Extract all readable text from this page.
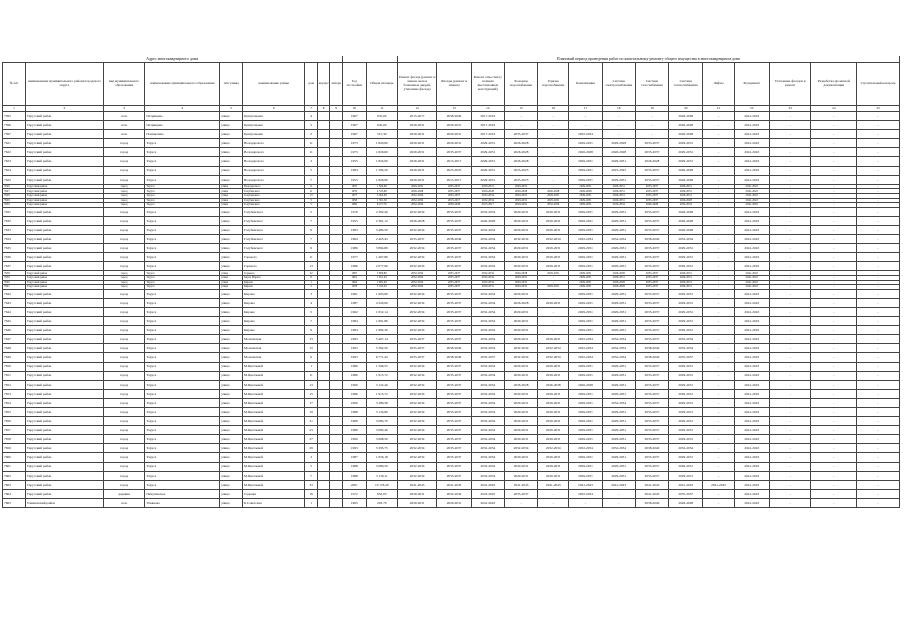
Адрес многоквартирного дома											Плановый период проведения работ по капитальному ремонту общего имущества в многоквартирном доме													
№ п/п	наименование муниципального района/городского округа	вид муниципального образования	наименование муниципального образования	тип улицы	наименование улицы	дом	корпус	литера	Год постройки	Общая площадь	Ремонт фасада (ремонт и замена окон и балконных дверей, утепление фасада)	Фасады (ремонт и замена)	Ремонт отмостки (с полным выставлением конструкций)	Холодное водоснабжение	Горячее водоснабжение	Канализация	Система электроснабжения	Система газоснабжения	Система теплоснабжения	Лифты	Фундамент	Утепление фасадов и ремонт	Разработка проектной документации	Строительный контроль
1	2	3	4	5	6	7	8	9	10	11	12	13	14	15	16	17	18	19	20	21	22	23	24	25
7595	Тарусский район	село	Петрищево	улица	Центральная	4			1967	635,00	2015-2017	2038-2040	2017-2019	-	-	-	-	-	2026-2028	-	2041-2043	-	-	-
7596	Тарусский район	село	Петрищево	улица	Центральная	5			1967	645,00	2029-2031	2029-2031	2017-2019	-	-	-	-	-	2026-2028	-	2041-2043	-	-	-
7597	Тарусский район	село	Похвиснево	улица	Центральная	2			1967	515,30	2029-2031	2029-2031	2017-2019	2035-2037	-	2032-2034	-	-	2026-2028	-	2041-2043	-	-	-
7621	Тарусский район	город	Таруса	улица	Володарского	11			1973	1 820,60	2029-2031	2029-2031	2029-2031	2026-2028	-	2029-2031	2026-2028	2035-2037	2029-2031	-	2041-2043	-	-	-
7622	Тарусский район	город	Таруса	улица	Володарского	11			1973	1 820,60	2029-2031	2035-2037	2029-2031	2026-2028	-	2026-2028	2026-2028	2035-2037	2029-2031	-	2041-2043	-	-	-
7623	Тарусский район	город	Таруса	улица	Володарского	3			1955	1 824,00	2029-2031	2015-2017	2029-2031	2026-2028	-	2029-2031	2029-2031	2026-2028	2029-2031	-	2041-2043	-	-	-
7624	Тарусский район	город	Таруса	улица	Володарского	5			1984	1 584,20	2029-2031	2023-2025	2029-2031	2023-2025	-	2029-2031	2023-2025	2035-2037	2026-2028	-	2041-2043	-	-	-
7625	Тарусский район	город	Таруса	улица	Володарского	7			1955	1 826,60	2029-2031	2015-2017	2029-2031	2023-2025	-	2029-2031	2029-2031	2035-2037	2026-2028	-	2041-2043	-	-	-
7626	Тарусский район	город	Таруса	улица	Володарского	9			1955	1 824,00	2029-2031	2035-2037	2029-2031	2029-2031	-	2029-2031	2029-2031	2035-2037	2029-2031	-	2041-2043	-	-	-
7627	Тарусский район	город	Таруса	улица	Голубевского	11			1976	2 335,60	2026-2028	2035-2037	2026-2028	2026-2028	2026-2028	2026-2028	2029-2031	2035-2037	2029-2031	-	2041-2043	-	-	-
7628	Тарусский район	город	Таруса	улица	Голубевского	13			1977	3 362,00	2032-2034	2035-2037	2032-2034	2029-2031	2029-2031	2029-2031	2029-2031	2035-2037	2029-2031	-	2041-2043	-	-	-
7629	Тарусский район	город	Таруса	улица	Голубевского	3			1958	1 301,30	2032-2034	2015-2017	2032-2034	2029-2031	2029-2031	2029-2031	2029-2031	2035-2037	2026-2028	-	2041-2043	-	-	-
7630	Тарусский район	город	Таруса	улица	Голубевского	5			1982	6 277,70	2032-2034	2038-2040	2015-2017	2029-2031	2032-2034	2029-2031	2032-2034	2026-2028	2032-2034	-	2041-2043	-	-	-
7631	Тарусский район	город	Таруса	улица	Голубевского	5			1976	2 392,40	2032-2034	2035-2037	2032-2034	2029-2031	2029-2031	2029-2031	2029-2031	2035-2037	2026-2028	-	2041-2043	-	-	-
7632	Тарусский район	город	Таруса	улица	Голубевского	7			1955	2 361,12	2026-2028	2035-2037	2026-2028	2029-2031	2029-2031	2029-2031	2029-2031	2035-2037	2026-2028	-	2041-2043	-	-	-
7633	Тарусский район	город	Таруса	улица	Голубевского	9			1983	3 484,50	2032-2034	2035-2037	2032-2034	2029-2031	2029-2031	2029-2031	2029-2031	2035-2037	2026-2028	-	2041-2043	-	-	-
7634	Тарусский район	город	Таруса	улица	Голубевского	7			1984	2 405,45	2035-2037	2038-2040	2032-2034	2032-2034	2032-2034	2032-2034	2032-2034	2038-2040	2032-2034	-	2041-2043	-	-	-
7635	Тарусский район	город	Таруса	улица	Голубевского	9			1986	3 894,80	2032-2034	2035-2037	2032-2034	2029-2031	2029-2031	2029-2031	2029-2031	2035-2037	2029-2031	-	2041-2043	-	-	-
7636	Тарусский район	город	Таруса	улица	Горького	11			1977	1 467,80	2032-2034	2035-2037	2032-2034	2029-2031	2029-2031	2029-2031	2029-2031	2035-2037	2029-2031	-	2041-2043	-	-	-
7637	Тарусский район	город	Таруса	улица	Горького	13			1986	2 077,90	2032-2034	2035-2037	2032-2034	2029-2031	2029-2031	2029-2031	2029-2031	2035-2037	2029-2031	-	2041-2043	-	-	-
7638	Тарусский район	город	Таруса	улица	Горького	22			1987	3 806,80	2032-2034	2035-2037	2032-2034	2026-2028	2029-2031	2029-2031	2026-2028	2035-2037	2029-2031	-	2041-2043	-	-	-
7639	Тарусский район	город	Таруса	улица	Карла Маркса	11			1961	1 651,63	2032-2034	2035-2037	2032-2034	2029-2031	-	2029-2031	2029-2031	2035-2037	2029-2031	-	2041-2043	-	-	-
7640	Тарусский район	город	Таруса	улица	Кирова	1			1962	1 981,40	2032-2034	2035-2037	2032-2034	2029-2031	-	2029-2031	2026-2028	2035-2037	2029-2031	-	2041-2043	-	-	-
7641	Тарусский район	город	Таруса	улица	Кирова	2			1978	3 345,03	2032-2034	2035-2037	2029-2031	2029-2031	2029-2031	2029-2031	2026-2028	2035-2037	2029-2031	-	2041-2043	-	-	-
7642	Тарусский район	город	Таруса	улица	Кирова	3			1961	1 663,60	2032-2034	2035-2037	2032-2034	2029-2031	-	2029-2031	2029-2031	2035-2037	2029-2031	-	2041-2043	-	-	-
7643	Тарусский район	город	Таруса	улица	Кирова	4			1987	4 520,00	2032-2034	2035-2037	2032-2034	2026-2028	2029-2031	2029-2031	2029-2031	2035-2037	2029-2031	-	2041-2043	-	-	-
7644	Тарусский район	город	Таруса	улица	Кирова	5			1962	1 652,14	2032-2034	2035-2037	2032-2034	2029-2031	-	2029-2031	2029-2031	2035-2037	2029-2031	-	2041-2043	-	-	-
7645	Тарусский район	город	Таруса	улица	Кирова	7			1984	1 691,86	2032-2034	2035-2037	2032-2034	2029-2031	-	2029-2031	2029-2031	2035-2037	2029-2031	-	2041-2043	-	-	-
7646	Тарусский район	город	Таруса	улица	Кирова	9			1984	1 982,30	2032-2034	2035-2037	2032-2034	2029-2031	-	2029-2031	2029-2031	2035-2037	2029-2031	-	2041-2043	-	-	-
7647	Тарусский район	город	Таруса	улица	Московская	13			1993	5 407,14	2035-2037	2035-2037	2032-2034	2029-2031	2029-2031	2032-2034	2032-2034	2035-2037	2032-2034	-	2041-2043	-	-	-
7648	Тарусский район	город	Таруса	улица	Московская	15			1993	5 362,50	2035-2037	2038-2040	2032-2034	2032-2034	2032-2034	2032-2034	2032-2034	2038-2040	2032-2034	-	2041-2043	-	-	-
7649	Тарусский район	город	Таруса	улица	Московская	9			1993	6 771,42	2035-2037	2038-2040	2035-2037	2032-2034	2032-2034	2032-2034	2032-2034	2038-2040	2035-2037	-	2041-2043	-	-	-
7650	Тарусский район	город	Таруса	улица	М.Цветаевой	1			1986	1 599,55	2032-2034	2035-2037	2032-2034	2029-2031	2029-2031	2029-2031	2029-2031	2035-2037	2029-2031	-	2041-2043	-	-	-
7651	Тарусский район	город	Таруса	улица	М.Цветаевой	11			1986	1 915,72	2032-2034	2035-2037	2032-2034	2029-2031	2029-2031	2029-2031	2029-2031	2035-2037	2029-2031	-	2041-2043	-	-	-
7652	Тарусский район	город	Таруса	улица	М.Цветаевой	13			1990	3 122,40	2032-2034	2035-2037	2032-2034	2026-2028	2026-2028	2026-2028	2029-2031	2035-2037	2029-2031	-	2041-2043	-	-	-
7653	Тарусский район	город	Таруса	улица	М.Цветаевой	15			1986	1 915,72	2032-2034	2035-2037	2032-2034	2029-2031	2029-2031	2029-2031	2029-2031	2035-2037	2029-2031	-	2041-2043	-	-	-
7654	Тарусский район	город	Таруса	улица	М.Цветаевой	17			1990	3 389,58	2032-2034	2035-2037	2032-2034	2029-2031	2029-2031	2029-2031	2032-2034	2035-2037	2029-2031	-	2041-2043	-	-	-
7655	Тарусский район	город	Таруса	улица	М.Цветаевой	19			1988	3 134,80	2032-2034	2035-2037	2032-2034	2029-2031	2029-2031	2029-2031	2029-2031	2035-2037	2029-2031	-	2041-2043	-	-	-
7656	Тарусский район	город	Таруса	улица	М.Цветаевой	21			1989	3 084,70	2032-2034	2035-2037	2032-2034	2029-2031	2029-2031	2029-2031	2029-2031	2035-2037	2029-2031	-	2041-2043	-	-	-
7657	Тарусский район	город	Таруса	улица	М.Цветаевой	23			1989	3 082,40	2032-2034	2035-2037	2032-2034	2029-2031	2029-2031	2029-2031	2029-2031	2035-2037	2029-2031	-	2041-2043	-	-	-
7658	Тарусский район	город	Таруса	улица	М.Цветаевой	27			1990	3 068,50	2032-2034	2035-2037	2032-2034	2029-2031	2029-2031	2029-2031	2029-2031	2035-2037	2029-2031	-	2041-2043	-	-	-
7659	Тарусский район	город	Таруса	улица	М.Цветаевой	29			1993	3 395,75	2032-2034	2035-2037	2032-2034	2032-2034	2032-2034	2032-2034	2032-2034	2038-2040	2032-2034	-	2041-2043	-	-	-
7660	Тарусский район	город	Таруса	улица	М.Цветаевой	3			1987	1 656,18	2032-2034	2035-2037	2032-2034	2029-2031	2029-2031	2029-2031	2029-2031	2035-2037	2029-2031	-	2041-2043	-	-	-
7661	Тарусский район	город	Таруса	улица	М.Цветаевой	5			1988	3 089,59	2032-2034	2035-2037	2032-2034	2029-2031	2029-2031	2029-2031	2029-2031	2035-2037	2029-2031	-	2041-2043	-	-	-
7662	Тарусский район	город	Таруса	улица	М.Цветаевой	7			1988	3 139,11	2032-2034	2035-2037	2032-2034	2029-2031	2029-2031	2029-2031	2029-2031	2035-2037	2029-2031	-	2041-2043	-	-	-
7663	Тарусский район	город	Таруса	улица	М.Цветаевой	33			2001	10 176,20	2041-2043	2041-2043	2041-2043	2041-2043	2041-2043	2041-2043	2041-2043	2041-2043	2041-2043	2041-2043	2041-2043	-	-	-
7664	Тарусский район	деревня	Пичугинское	улица	Садовая	16			1972	952,05	2029-2031	2032-2034	2023-2025	2035-2037	-	2032-2034	-	2041-2043	2035-2037	-	2041-2043	-	-	-
7665	Ульяновский район	село	Ульяново	улица	Б.Советская	1			1965	203,70	2029-2031	2029-2031	2041-2043	-	-	-	-	2038-2040	2026-2028	-	2041-2043	-	-	-
